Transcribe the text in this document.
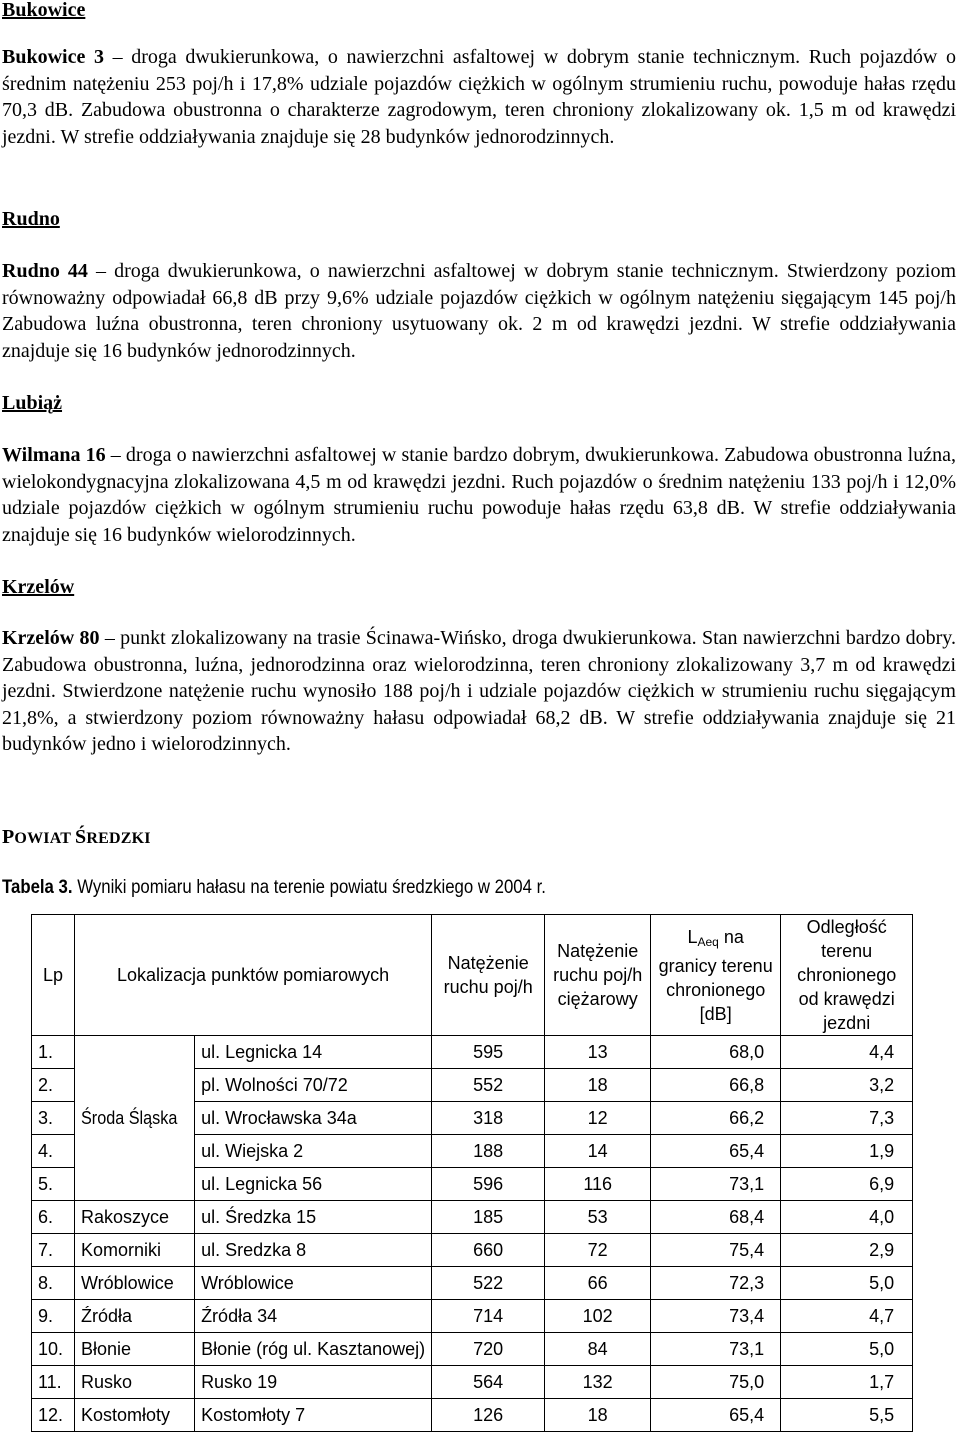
Bukowice

Bukowice 3 – droga dwukierunkowa, o nawierzchni asfaltowej w dobrym stanie technicznym. Ruch pojazdów o średnim natężeniu 253 poj/h i 17,8% udziale pojazdów ciężkich w ogólnym strumieniu ruchu, powoduje hałas rzędu 70,3 dB. Zabudowa obustronna o charakterze zagrodowym, teren chroniony zlokalizowany ok. 1,5 m od krawędzi jezdni. W strefie oddziaływania znajduje się 28 budynków jednorodzinnych.

Rudno

Rudno 44 – droga dwukierunkowa, o nawierzchni asfaltowej w dobrym stanie technicznym. Stwierdzony poziom równoważny odpowiadał 66,8 dB przy 9,6% udziale pojazdów ciężkich w ogólnym natężeniu sięgającym 145 poj/h Zabudowa luźna obustronna, teren chroniony usytuowany ok. 2 m od krawędzi jezdni. W strefie oddziaływania znajduje się 16 budynków jednorodzinnych.

Lubiąż

Wilmana 16 – droga o nawierzchni asfaltowej w stanie bardzo dobrym, dwukierunkowa. Zabudowa obustronna luźna, wielokondygnacyjna zlokalizowana 4,5 m od krawędzi jezdni. Ruch pojazdów o średnim natężeniu 133 poj/h i 12,0% udziale pojazdów ciężkich w ogólnym strumieniu ruchu powoduje hałas rzędu 63,8 dB. W strefie oddziaływania znajduje się 16 budynków wielorodzinnych.

Krzelów

Krzelów 80 – punkt zlokalizowany na trasie Ścinawa-Wińsko, droga dwukierunkowa. Stan nawierzchni bardzo dobry. Zabudowa obustronna, luźna, jednorodzinna oraz wielorodzinna, teren chroniony zlokalizowany 3,7 m od krawędzi jezdni. Stwierdzone natężenie ruchu wynosiło 188 poj/h i udziale pojazdów ciężkich w strumieniu ruchu sięgającym 21,8%, a stwierdzony poziom równoważny hałasu odpowiadał 68,2 dB. W strefie oddziaływania znajduje się 21 budynków jedno i wielorodzinnych.

POWIAT ŚREDZKI

Tabela 3. Wyniki pomiaru hałasu na terenie powiatu średzkiego w 2004 r.

Lp	Lokalizacja punktów pomiarowych		Natężenie ruchu poj/h	Natężenie ruchu poj/h ciężarowy	$L_{Aeq}$ na granicy terenu chronionego [dB]	Odległość terenu chronionego od krawędzi jezdni
1.	Środa Śląska	ul. Legnicka 14	595	13	68,0	4,4
2.		pl. Wolności 70/72	552	18	66,8	3,2
3.		ul. Wrocławska 34a	318	12	66,2	7,3
4.		ul. Wiejska 2	188	14	65,4	1,9
5.		ul. Legnicka 56	596	116	73,1	6,9
6.	Rakoszyce	ul. Średzka 15	185	53	68,4	4,0
7.	Komorniki	ul. Sredzka 8	660	72	75,4	2,9
8.	Wróblowice	Wróblowice	522	66	72,3	5,0
9.	Źródła	Źródła 34	714	102	73,4	4,7
10.	Błonie	Błonie (róg ul. Kasztanowej)	720	84	73,1	5,0
11.	Rusko	Rusko 19	564	132	75,0	1,7
12.	Kostomłoty	Kostomłoty 7	126	18	65,4	5,5
